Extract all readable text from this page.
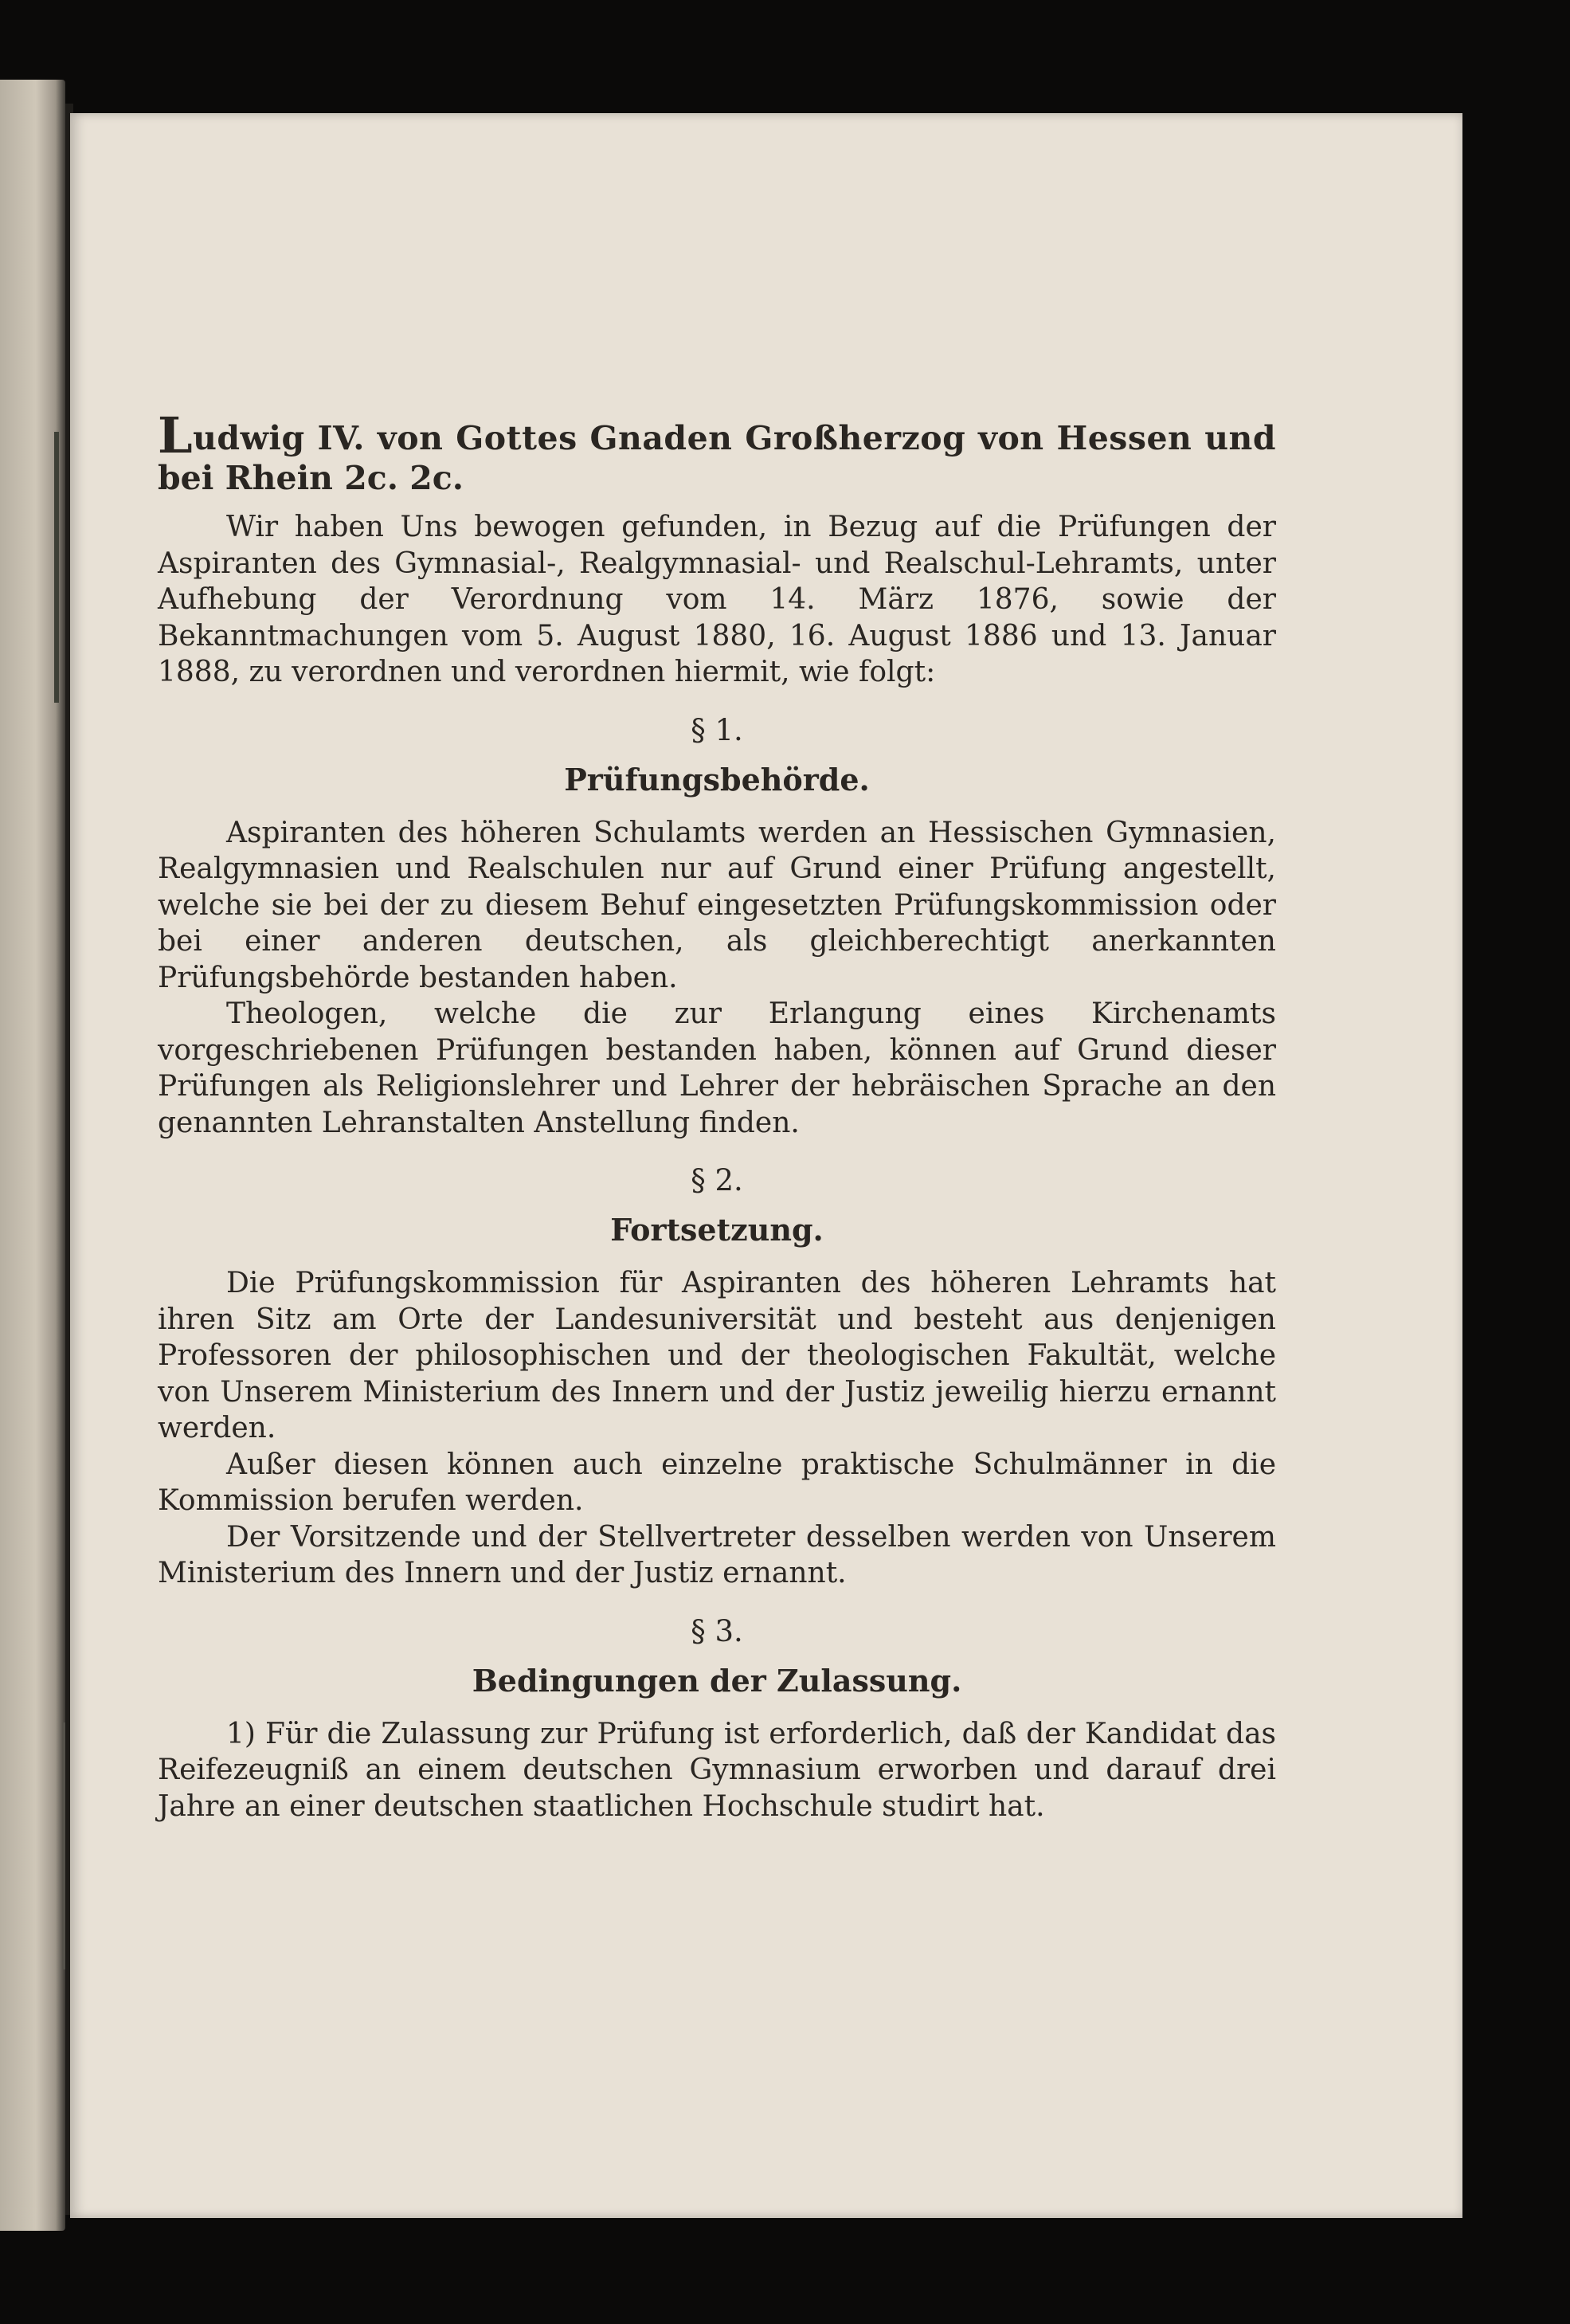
Ludwig IV. von Gottes Gnaden Großherzog von Hessen und

bei Rhein 2c. 2c.

Wir haben Uns bewogen gefunden, in Bezug auf die Prüfungen der Aspiranten des Gymnasial-, Realgymnasial- und Realschul-Lehramts, unter Aufhebung der Verordnung vom 14. März 1876, sowie der Bekanntmachungen vom 5. August 1880, 16. August 1886 und 13. Januar 1888, zu verordnen und verordnen hiermit, wie folgt:

§ 1.
Prüfungsbehörde.

Aspiranten des höheren Schulamts werden an Hessischen Gymnasien, Realgymnasien und Realschulen nur auf Grund einer Prüfung angestellt, welche sie bei der zu diesem Behuf eingesetzten Prüfungskommission oder bei einer anderen deutschen, als gleichberechtigt anerkannten Prüfungsbehörde bestanden haben.

Theologen, welche die zur Erlangung eines Kirchenamts vorgeschriebenen Prüfungen bestanden haben, können auf Grund dieser Prüfungen als Religionslehrer und Lehrer der hebräischen Sprache an den genannten Lehranstalten Anstellung finden.

§ 2.
Fortsetzung.

Die Prüfungskommission für Aspiranten des höheren Lehramts hat ihren Sitz am Orte der Landesuniversität und besteht aus denjenigen Professoren der philosophischen und der theologischen Fakultät, welche von Unserem Ministerium des Innern und der Justiz jeweilig hierzu ernannt werden.

Außer diesen können auch einzelne praktische Schulmänner in die Kommission berufen werden.

Der Vorsitzende und der Stellvertreter desselben werden von Unserem Ministerium des Innern und der Justiz ernannt.

§ 3.
Bedingungen der Zulassung.

1) Für die Zulassung zur Prüfung ist erforderlich, daß der Kandidat das Reifezeugniß an einem deutschen Gymnasium erworben und darauf drei Jahre an einer deutschen staatlichen Hochschule studirt hat.
